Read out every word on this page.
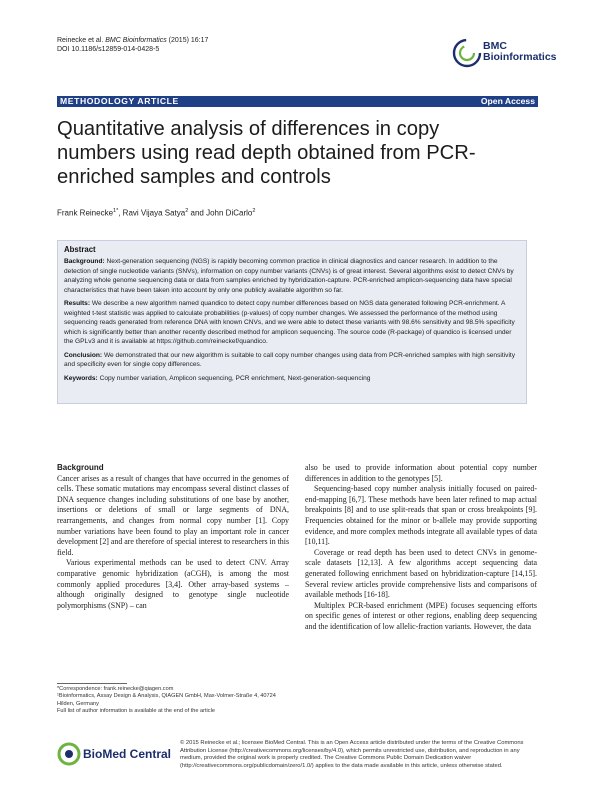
Reinecke et al. BMC Bioinformatics (2015) 16:17
DOI 10.1186/s12859-014-0428-5	BMC
Bioinformatics
METHODOLOGY ARTICLE	Open Access
Quantitative analysis of differences in copy numbers using read depth obtained from PCR-enriched samples and controls
Frank Reinecke$^{1*}$, Ravi Vijaya Satya$^2$ and John DiCarlo$^2$
Abstract

Background: Next-generation sequencing (NGS) is rapidly becoming common practice in clinical diagnostics and cancer research. In addition to the detection of single nucleotide variants (SNVs), information on copy number variants (CNVs) is of great interest. Several algorithms exist to detect CNVs by analyzing whole genome sequencing data or data from samples enriched by hybridization-capture. PCR-enriched amplicon-sequencing data have special characteristics that have been taken into account by only one publicly available algorithm so far.

Results: We describe a new algorithm named quandico to detect copy number differences based on NGS data generated following PCR-enrichment. A weighted t-test statistic was applied to calculate probabilities (p-values) of copy number changes. We assessed the performance of the method using sequencing reads generated from reference DNA with known CNVs, and we were able to detect these variants with 98.6% sensitivity and 98.5% specificity which is significantly better than another recently described method for amplicon sequencing. The source code (R-package) of quandico is licensed under the GPLv3 and it is available at https://github.com/reineckef/quandico.

Conclusion: We demonstrated that our new algorithm is suitable to call copy number changes using data from PCR-enriched samples with high sensitivity and specificity even for single copy differences.

Keywords: Copy number variation, Amplicon sequencing, PCR enrichment, Next-generation-sequencing

Background

Cancer arises as a result of changes that have occurred in the genomes of cells. These somatic mutations may encompass several distinct classes of DNA sequence changes including substitutions of one base by another, insertions or deletions of small or large segments of DNA, rearrangements, and changes from normal copy number [1]. Copy number variations have been found to play an important role in cancer development [2] and are therefore of special interest to researchers in this field.

Various experimental methods can be used to detect CNV. Array comparative genomic hybridization (aCGH), is among the most commonly applied procedures [3,4]. Other array-based systems – although originally designed to genotype single nucleotide polymorphisms (SNP) – can

also be used to provide information about potential copy number differences in addition to the genotypes [5].

Sequencing-based copy number analysis initially focused on paired-end-mapping [6,7]. These methods have been later refined to map actual breakpoints [8] and to use split-reads that span or cross breakpoints [9]. Frequencies obtained for the minor or b-allele may provide supporting evidence, and more complex methods integrate all available types of data [10,11].

Coverage or read depth has been used to detect CNVs in genome-scale datasets [12,13]. A few algorithms accept sequencing data generated following enrichment based on hybridization-capture [14,15]. Several review articles provide comprehensive lists and comparisons of available methods [16-18].

Multiplex PCR-based enrichment (MPE) focuses sequencing efforts on specific genes of interest or other regions, enabling deep sequencing and the identification of low allelic-fraction variants. However, the data

*Correspondence: frank.reinecke@qiagen.com
¹Bioinformatics, Assay Design & Analysis, QIAGEN GmbH, Max-Volmer-Straße 4, 40724 Hilden, Germany
Full list of author information is available at the end of the article
BioMed Central
© 2015 Reinecke et al.; licensee BioMed Central. This is an Open Access article distributed under the terms of the Creative Commons Attribution License (http://creativecommons.org/licenses/by/4.0), which permits unrestricted use, distribution, and reproduction in any medium, provided the original work is properly credited. The Creative Commons Public Domain Dedication waiver (http://creativecommons.org/publicdomain/zero/1.0/) applies to the data made available in this article, unless otherwise stated.
